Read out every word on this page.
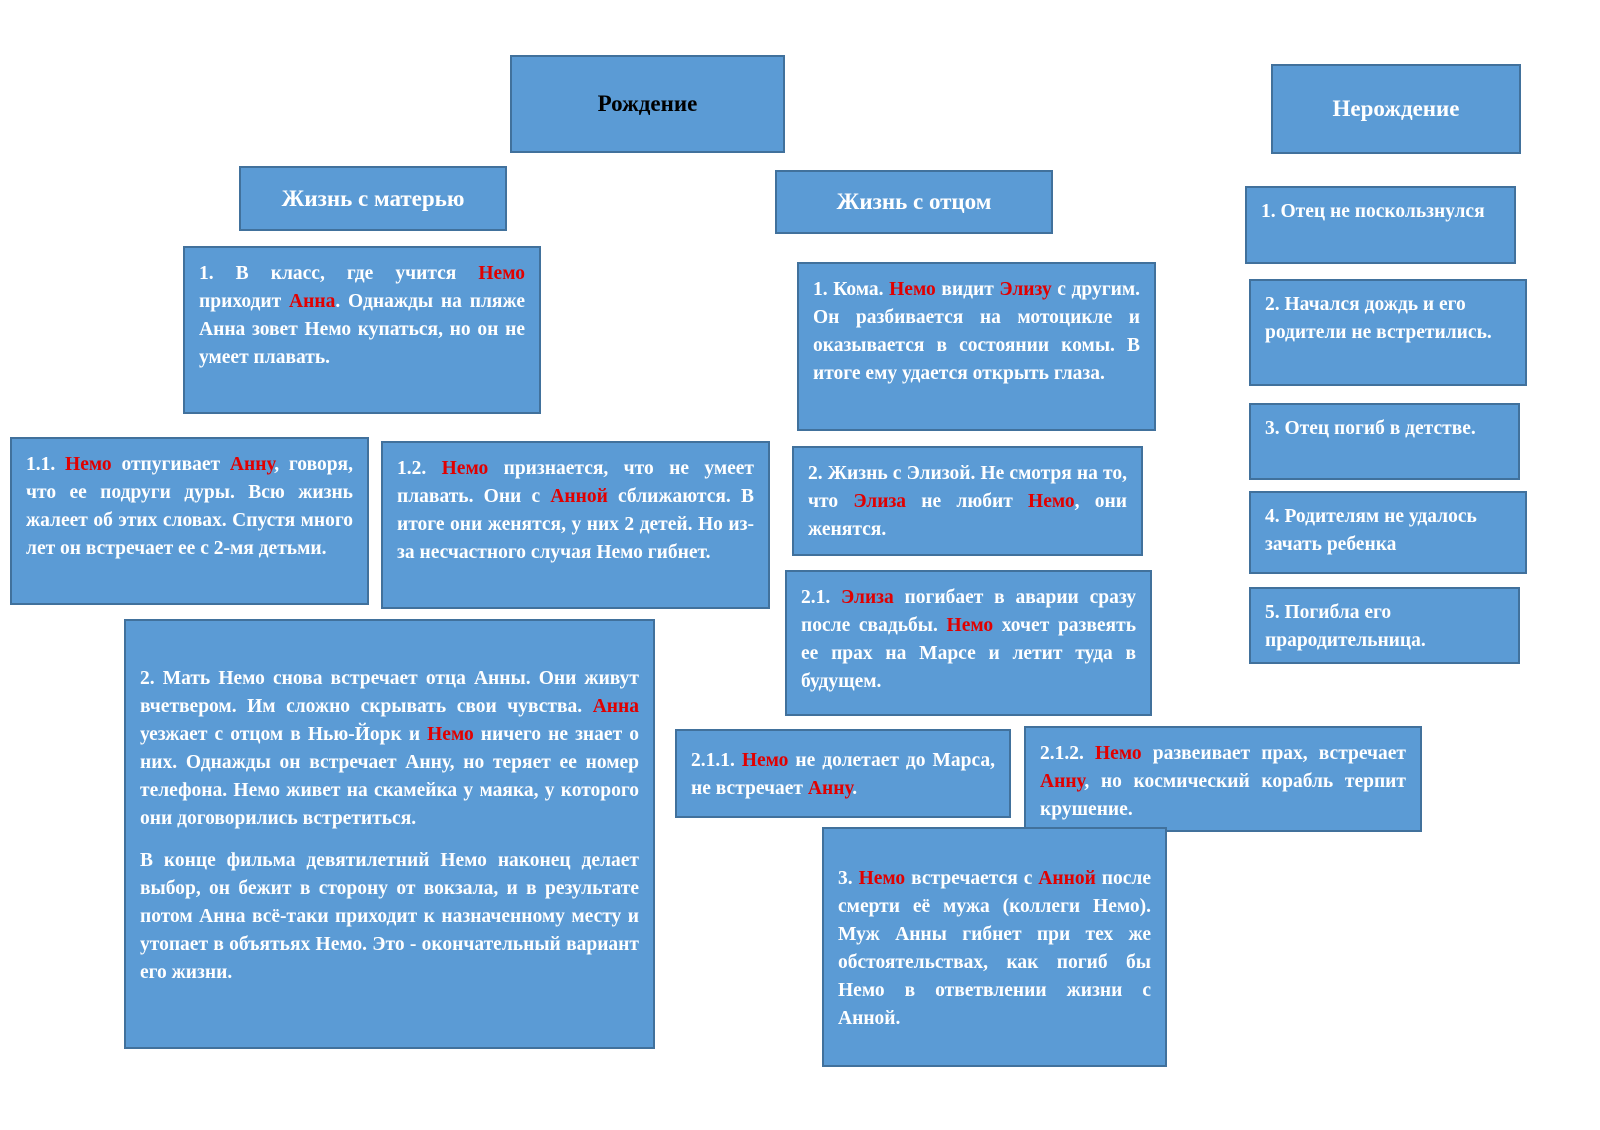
Рождение	Нерождение
Жизнь с матерью	Жизнь с отцом
1. В класс, где учится Немо приходит Анна. Однажды на пляже Анна зовет Немо купаться, но он не умеет плавать.
1.1. Немо отпугивает Анну, говоря, что ее подруги дуры. Всю жизнь жалеет об этих словах. Спустя много лет он встречает ее с 2-мя детьми.
1.2. Немо признается, что не умеет плавать. Они с Анной сближаются. В итоге они женятся, у них 2 детей. Но из-за несчастного случая Немо гибнет.

2. Мать Немо снова встречает отца Анны. Они живут вчетвером. Им сложно скрывать свои чувства. Анна уезжает с отцом в Нью-Йорк и Немо ничего не знает о них. Однажды он встречает Анну, но теряет ее номер телефона. Немо живет на скамейка у маяка, у которого они договорились встретиться.

В конце фильма девятилетний Немо наконец делает выбор, он бежит в сторону от вокзала, и в результате потом Анна всё-таки приходит к назначенному месту и утопает в объятьях Немо. Это - окончательный вариант его жизни.

1. Кома. Немо видит Элизу с другим. Он разбивается на мотоцикле и оказывается в состоянии комы. В итоге ему удается открыть глаза.
2. Жизнь с Элизой. Не смотря на то, что Элиза не любит Немо, они женятся.
2.1. Элиза погибает в аварии сразу после свадьбы. Немо хочет развеять ее прах на Марсе и летит туда в будущем.
2.1.1. Немо не долетает до Марса, не встречает Анну.
2.1.2. Немо развеивает прах, встречает Анну, но космический корабль терпит крушение.
3. Немо встречается с Анной после смерти её мужа (коллеги Немо). Муж Анны гибнет при тех же обстоятельствах, как погиб бы Немо в ответвлении жизни с Анной.
1. Отец не поскользнулся
2. Начался дождь и его родители не встретились.
3. Отец погиб в детстве.
4. Родителям не удалось зачать ребенка
5. Погибла его прародительница.
